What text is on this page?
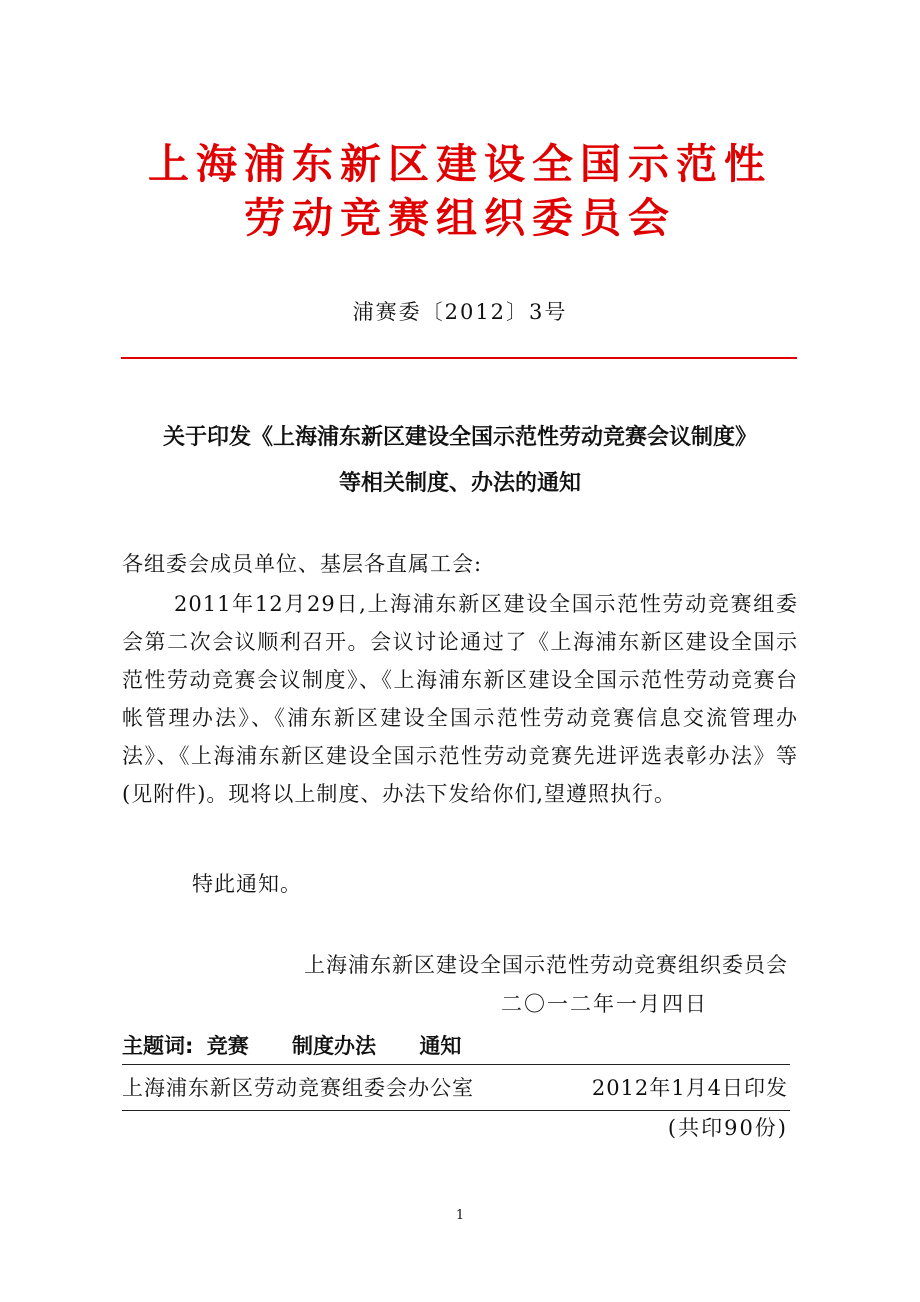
上海浦东新区建设全国示范性
劳动竞赛组织委员会
浦赛委〔2012〕3号
关于印发《上海浦东新区建设全国示范性劳动竞赛会议制度》
等相关制度、办法的通知
各组委会成员单位、基层各直属工会:

2011年12月29日,上海浦东新区建设全国示范性劳动竞赛组委会第二次会议顺利召开。会议讨论通过了《上海浦东新区建设全国示范性劳动竞赛会议制度》、《上海浦东新区建设全国示范性劳动竞赛台帐管理办法》、《浦东新区建设全国示范性劳动竞赛信息交流管理办法》、《上海浦东新区建设全国示范性劳动竞赛先进评选表彰办法》等(见附件)。现将以上制度、办法下发给你们,望遵照执行。

特此通知。
上海浦东新区建设全国示范性劳动竞赛组织委员会
二〇一二年一月四日
主题词: 竞赛 制度办法 通知
上海浦东新区劳动竞赛组委会办公室	2012年1月4日印发
(共印90份)
1
